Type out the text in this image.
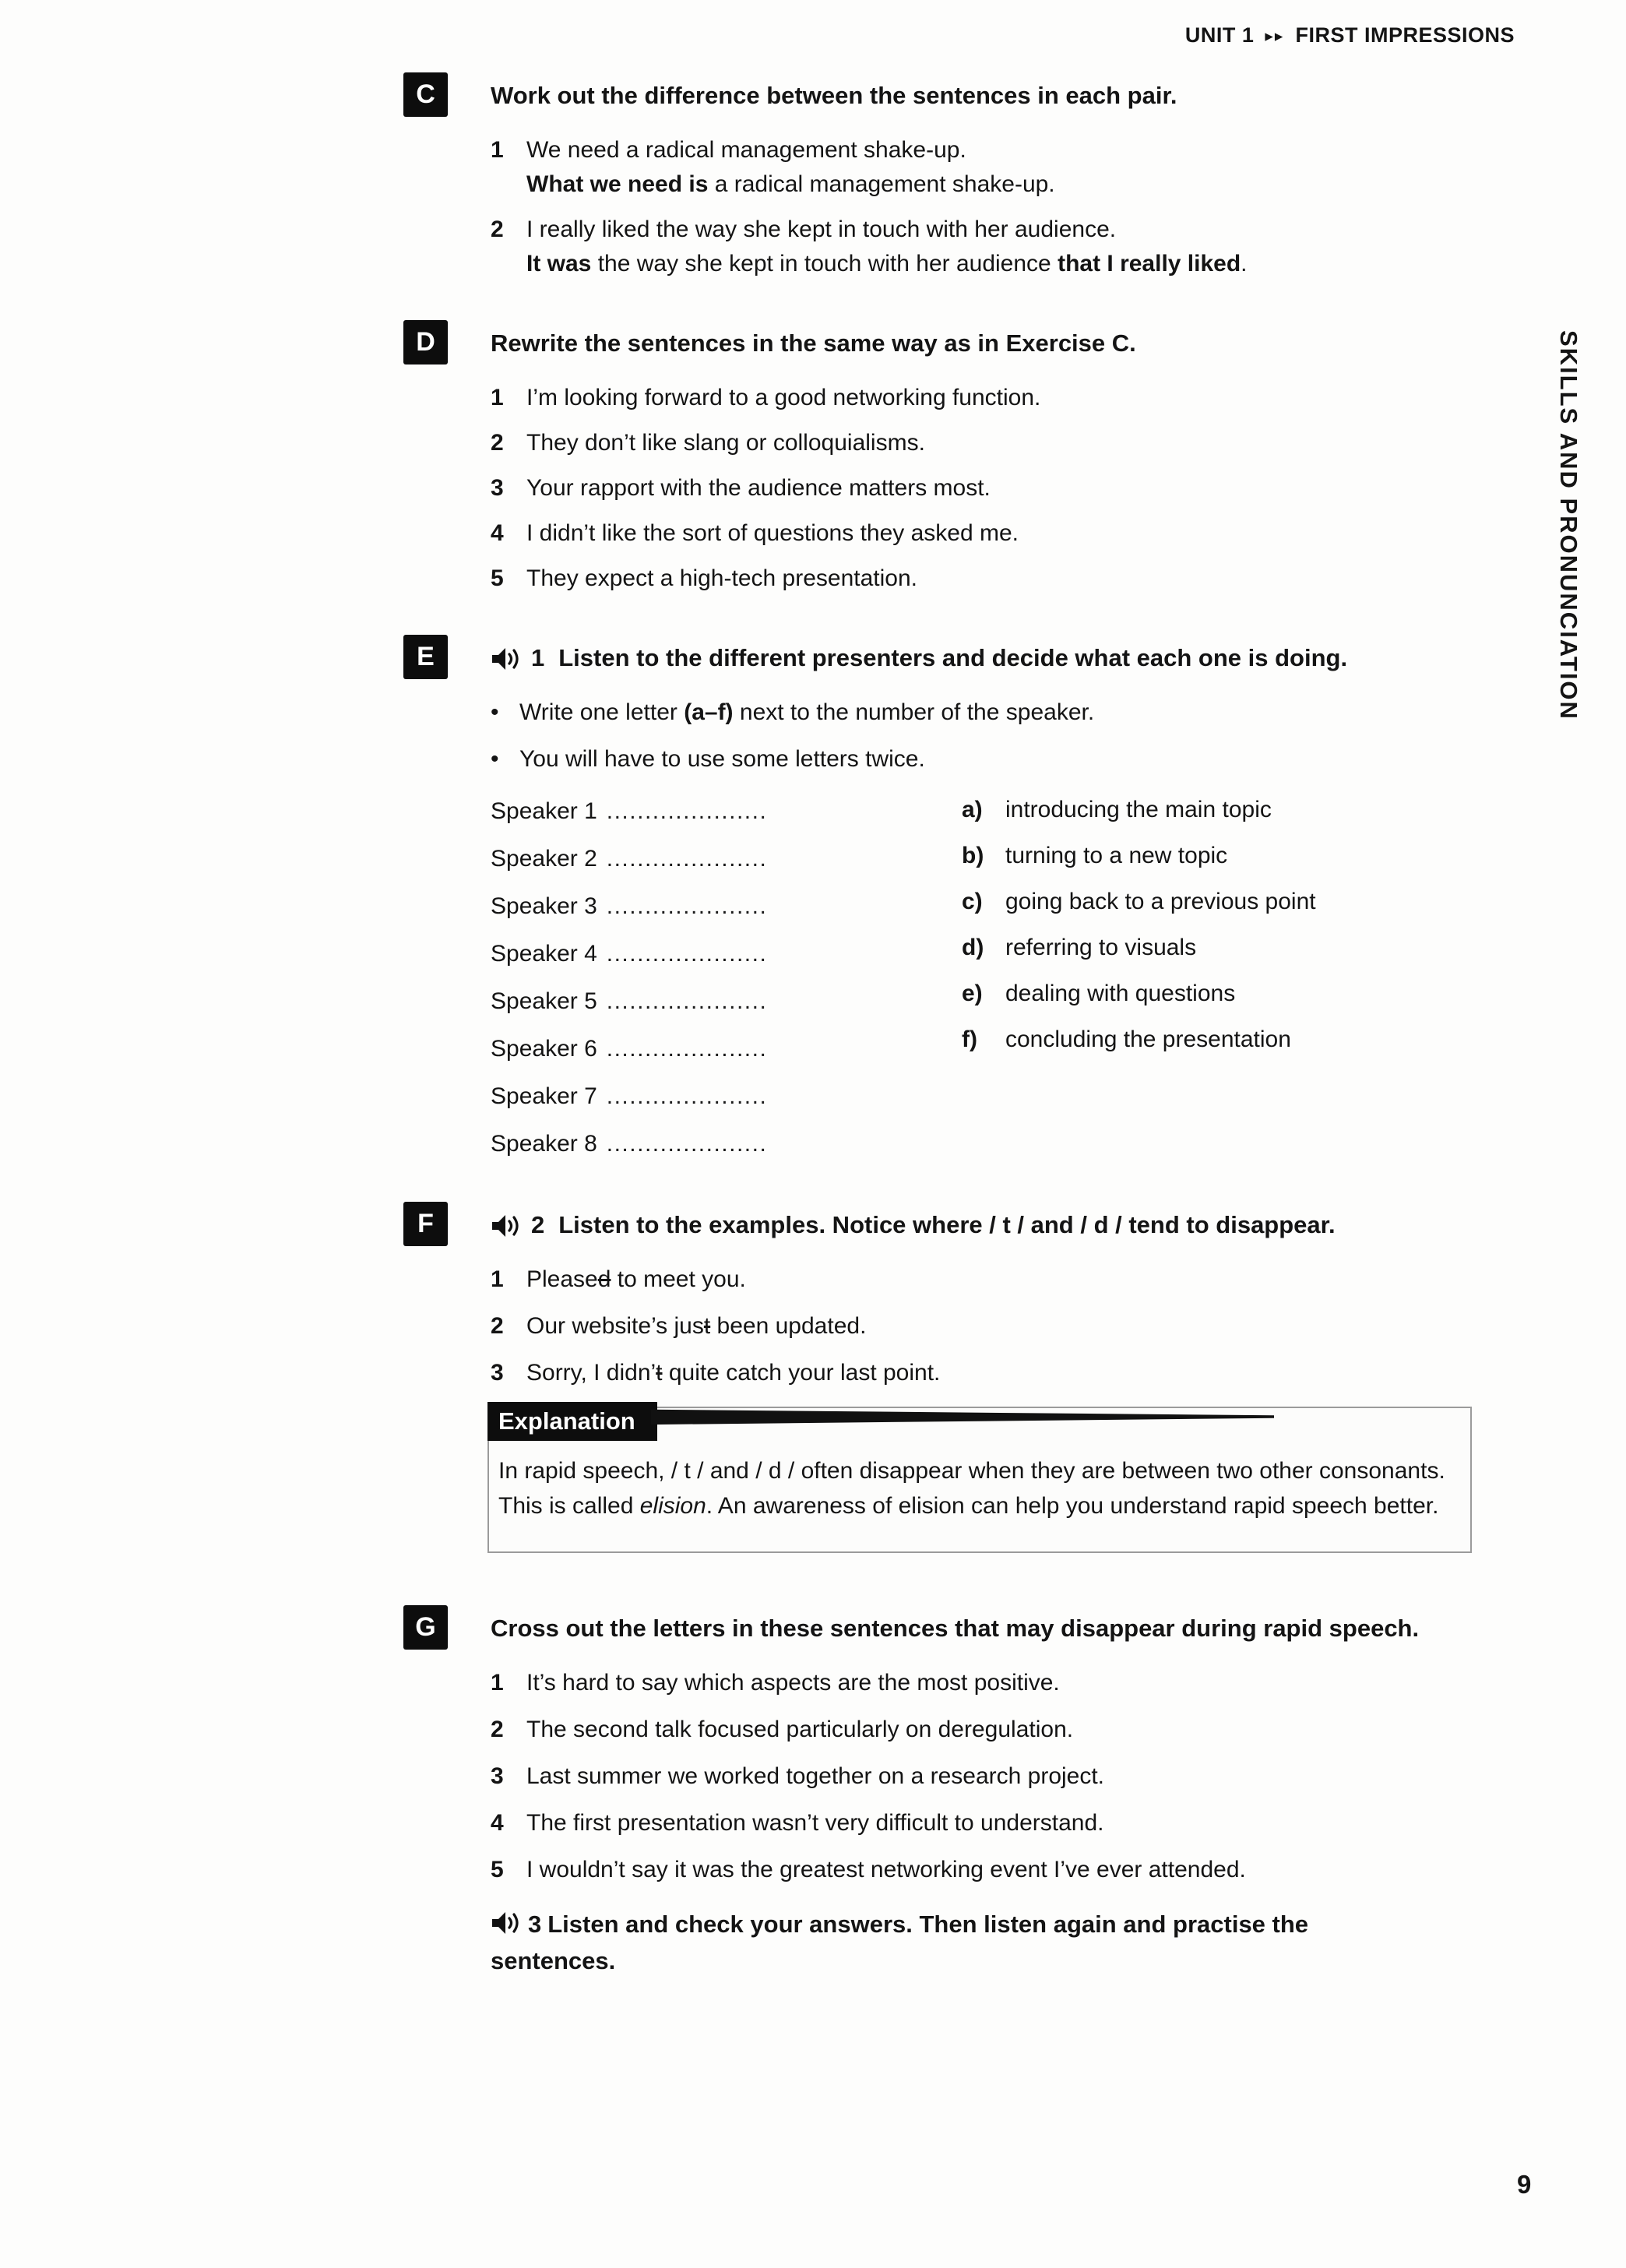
UNIT 1 ▸▸ FIRST IMPRESSIONS
SKILLS AND PRONUNCIATION
C	Work out the difference between the sentences in each pair.
1 We need a radical management shake-up.
What we need is a radical management shake-up.
2 I really liked the way she kept in touch with her audience.
It was the way she kept in touch with her audience that I really liked.
D	Rewrite the sentences in the same way as in Exercise C.
1 I’m looking forward to a good networking function.
2 They don’t like slang or colloquialisms.
3 Your rapport with the audience matters most.
4 I didn’t like the sort of questions they asked me.
5 They expect a high-tech presentation.
E	1 Listen to the different presenters and decide what each one is doing.
• Write one letter (a–f) next to the number of the speaker.
• You will have to use some letters twice.
Speaker 1 .....................
Speaker 2 .....................
Speaker 3 .....................
Speaker 4 .....................
Speaker 5 .....................
Speaker 6 .....................
Speaker 7 .....................
Speaker 8 .....................
a) introducing the main topic
b) turning to a new topic
c) going back to a previous point
d) referring to visuals
e) dealing with questions
f)	concluding the presentation
F	2 Listen to the examples. Notice where / t / and / d / tend to disappear.
1 Pleased to meet you.
2 Our website’s just been updated.
3 Sorry, I didn’t quite catch your last point.
Explanation

In rapid speech, / t / and / d / often disappear when they are between two other consonants. This is called elision. An awareness of elision can help you understand rapid speech better.

G	Cross out the letters in these sentences that may disappear during rapid speech.
1 It’s hard to say which aspects are the most positive.
2 The second talk focused particularly on deregulation.
3 Last summer we worked together on a research project.
4 The first presentation wasn’t very difficult to understand.
5 I wouldn’t say it was the greatest networking event I’ve ever attended.

3 Listen and check your answers. Then listen again and practise the sentences.

9
